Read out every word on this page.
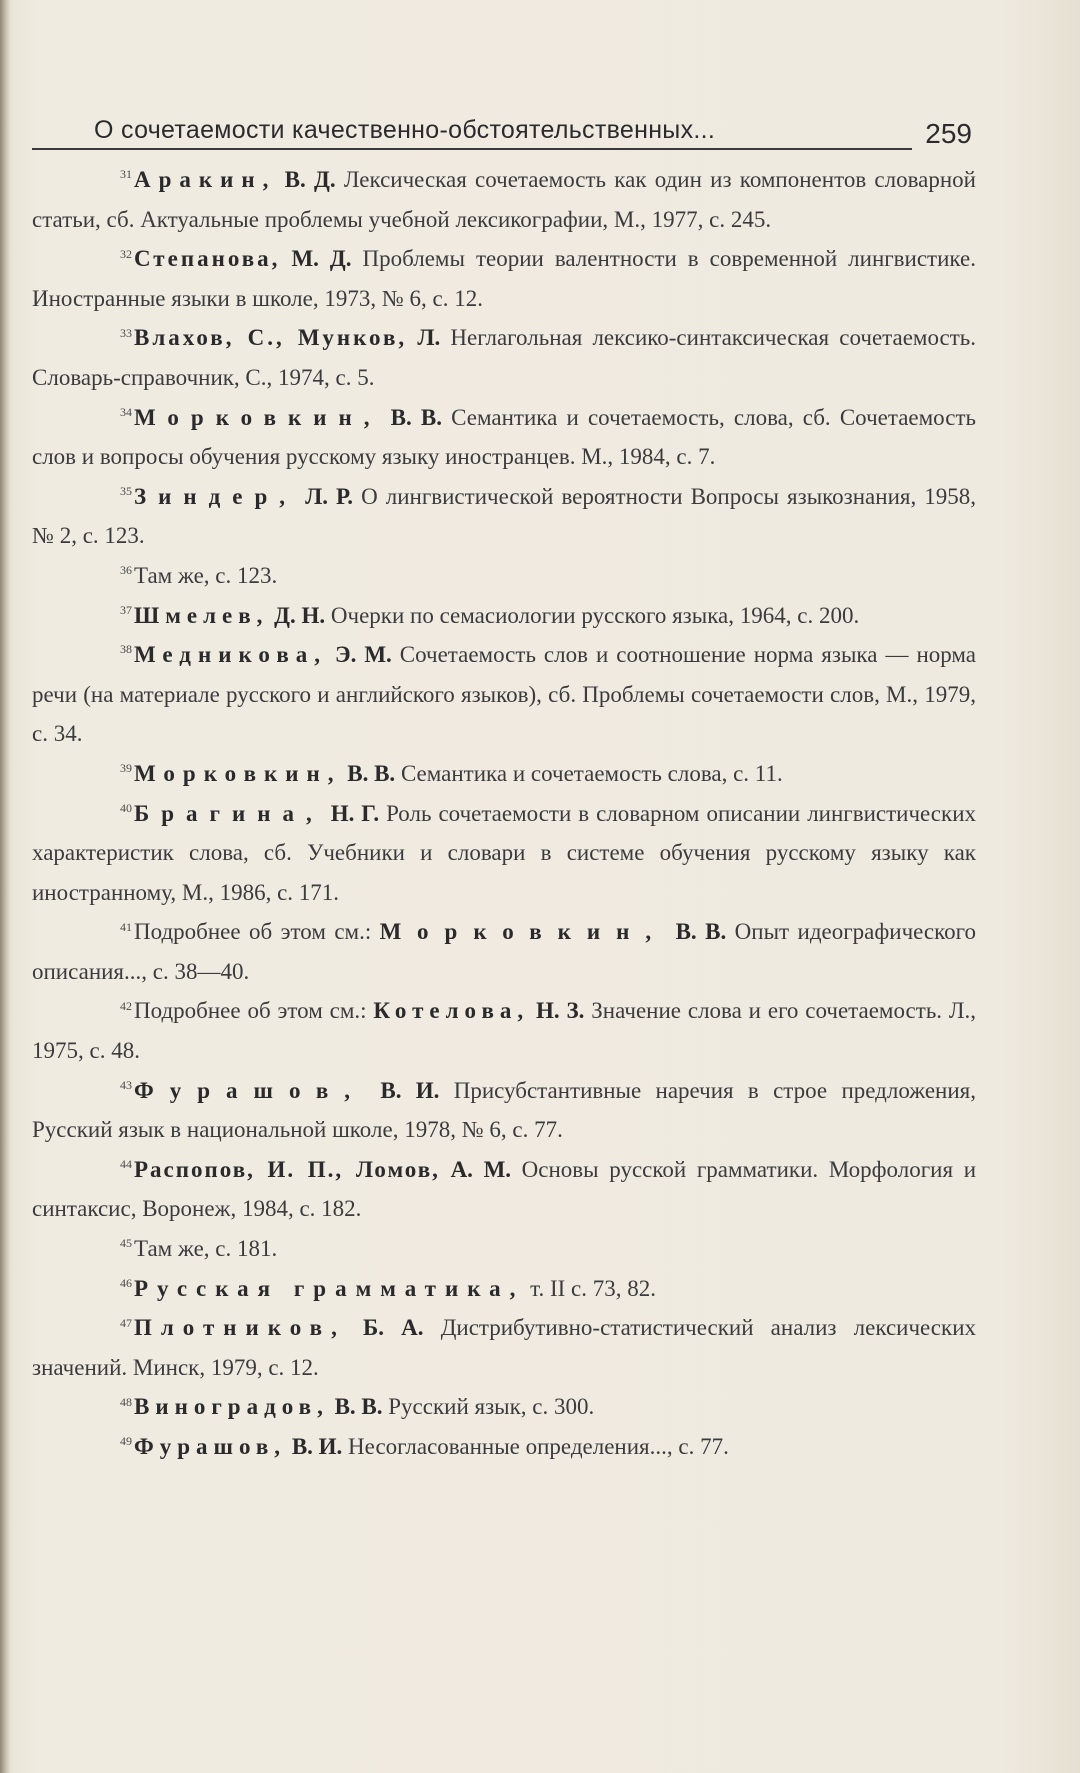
О сочетаемости качественно-обстоятельственных...	259

$^{31}$Аракин, В. Д. Лексическая сочетаемость как один из компонентов словарной статьи, сб. Актуальные проблемы учебной лексикографии, М., 1977, с. 245.

$^{32}$Степанова, М. Д. Проблемы теории валентности в современной лингвистике. Иностранные языки в школе, 1973, № 6, с. 12.

$^{33}$Влахов, С., Мунков, Л. Неглагольная лексико-синтаксическая сочетаемость. Словарь-справочник, С., 1974, с. 5.

$^{34}$Морковкин, В. В. Семантика и сочетаемость, слова, сб. Сочетаемость слов и вопросы обучения русскому языку иностранцев. М., 1984, с. 7.

$^{35}$Зиндер, Л. Р. О лингвистической вероятности Вопросы языкознания, 1958, № 2, с. 123.

$^{36}$Там же, с. 123.

$^{37}$Шмелев, Д. Н. Очерки по семасиологии русского языка, 1964, с. 200.

$^{38}$Медникова, Э. М. Сочетаемость слов и соотношение норма языка — норма речи (на материале русского и английского языков), сб. Проблемы сочетаемости слов, М., 1979, с. 34.

$^{39}$Морковкин, В. В. Семантика и сочетаемость слова, с. 11.

$^{40}$Брагина, Н. Г. Роль сочетаемости в словарном описании лингвистических характеристик слова, сб. Учебники и словари в системе обучения русскому языку как иностранному, М., 1986, с. 171.

$^{41}$Подробнее об этом см.: Морковкин, В. В. Опыт идеографического описания..., с. 38—40.

$^{42}$Подробнее об этом см.: Котелова, Н. З. Значение слова и его сочетаемость. Л., 1975, с. 48.

$^{43}$Фурашов, В. И. Присубстантивные наречия в строе предложения, Русский язык в национальной школе, 1978, № 6, с. 77.

$^{44}$Распопов, И. П., Ломов, А. М. Основы русской грамматики. Морфология и синтаксис, Воронеж, 1984, с. 182.

$^{45}$Там же, с. 181.

$^{46}$Русская грамматика, т. II с. 73, 82.

$^{47}$Плотников, Б. А. Дистрибутивно-статистический анализ лексических значений. Минск, 1979, с. 12.

$^{48}$Виноградов, В. В. Русский язык, с. 300.

$^{49}$Фурашов, В. И. Несогласованные определения..., с. 77.
